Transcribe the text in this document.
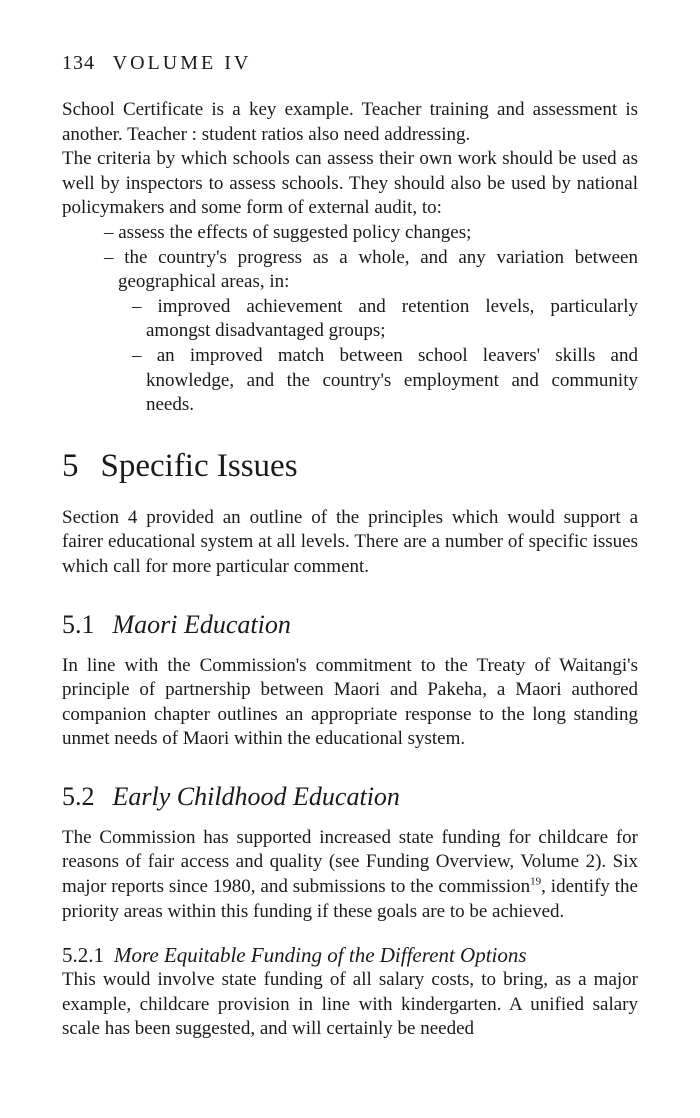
134 VOLUME IV

School Certificate is a key example. Teacher training and assessment is another. Teacher : student ratios also need addressing.

The criteria by which schools can assess their own work should be used as well by inspectors to assess schools. They should also be used by national policymakers and some form of external audit, to:

– assess the effects of suggested policy changes;
– the country's progress as a whole, and any variation between geographical areas, in:
– improved achievement and retention levels, particularly amongst disadvantaged groups;
– an improved match between school leavers' skills and knowledge, and the country's employment and community needs.
5 Specific Issues

Section 4 provided an outline of the principles which would support a fairer educational system at all levels. There are a number of specific issues which call for more particular comment.

5.1 Maori Education

In line with the Commission's commitment to the Treaty of Waitangi's principle of partnership between Maori and Pakeha, a Maori authored companion chapter outlines an appropriate response to the long standing unmet needs of Maori within the educational system.

5.2 Early Childhood Education

The Commission has supported increased state funding for childcare for reasons of fair access and quality (see Funding Overview, Volume 2). Six major reports since 1980, and submissions to the commission$^{19}$, identify the priority areas within this funding if these goals are to be achieved.

5.2.1 More Equitable Funding of the Different Options

This would involve state funding of all salary costs, to bring, as a major example, childcare provision in line with kindergarten. A unified salary scale has been suggested, and will certainly be needed
